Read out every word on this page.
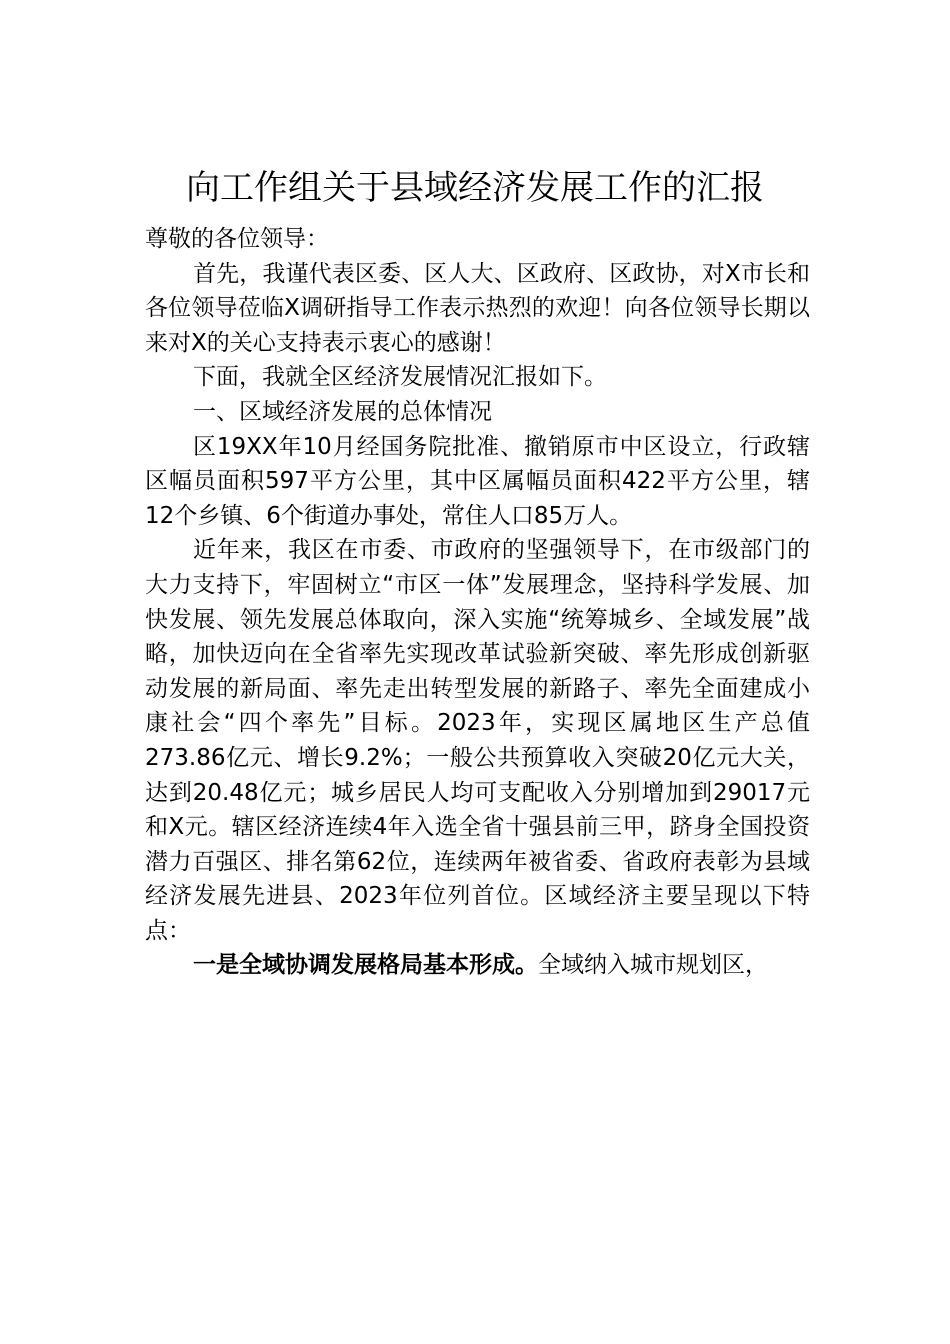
向工作组关于县域经济发展工作的汇报

尊敬的各位领导：

首先，我谨代表区委、区人大、区政府、区政协，对X市长和各位领导莅临X调研指导工作表示热烈的欢迎！向各位领导长期以来对X的关心支持表示衷心的感谢！

下面，我就全区经济发展情况汇报如下。

一、区域经济发展的总体情况

区19XX年10月经国务院批准、撤销原市中区设立，行政辖区幅员面积597平方公里，其中区属幅员面积422平方公里，辖12个乡镇、6个街道办事处，常住人口85万人。

近年来，我区在市委、市政府的坚强领导下，在市级部门的大力支持下，牢固树立“市区一体”发展理念，坚持科学发展、加快发展、领先发展总体取向，深入实施“统筹城乡、全域发展”战略，加快迈向在全省率先实现改革试验新突破、率先形成创新驱动发展的新局面、率先走出转型发展的新路子、率先全面建成小康社会“四个率先”目标。2023年，实现区属地区生产总值273.86亿元、增长9.2%；一般公共预算收入突破20亿元大关，达到20.48亿元；城乡居民人均可支配收入分别增加到29017元和X元。辖区经济连续4年入选全省十强县前三甲，跻身全国投资潜力百强区、排名第62位，连续两年被省委、省政府表彰为县域经济发展先进县、2023年位列首位。区域经济主要呈现以下特点：

一是全域协调发展格局基本形成。全域纳入城市规划区，
